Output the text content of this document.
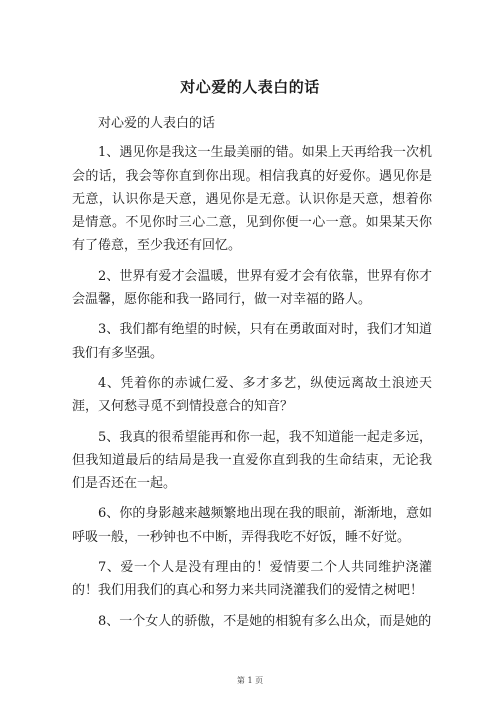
对心爱的人表白的话

对心爱的人表白的话

1、遇见你是我这一生最美丽的错。如果上天再给我一次机会的话，我会等你直到你出现。相信我真的好爱你。遇见你是无意，认识你是天意，遇见你是无意。认识你是天意，想着你是情意。不见你时三心二意，见到你便一心一意。如果某天你有了倦意，至少我还有回忆。

2、世界有爱才会温暖，世界有爱才会有依靠，世界有你才会温馨，愿你能和我一路同行，做一对幸福的路人。

3、我们都有绝望的时候，只有在勇敢面对时，我们才知道我们有多坚强。

4、凭着你的赤诚仁爱、多才多艺，纵使远离故土浪迹天涯，又何愁寻觅不到情投意合的知音？

5、我真的很希望能再和你一起，我不知道能一起走多远，但我知道最后的结局是我一直爱你直到我的生命结束，无论我们是否还在一起。

6、你的身影越来越频繁地出现在我的眼前，渐渐地，意如呼吸一般，一秒钟也不中断，弄得我吃不好饭，睡不好觉。

7、爱一个人是没有理由的！爱情要二个人共同维护浇灌的！我们用我们的真心和努力来共同浇灌我们的爱情之树吧！

8、一个女人的骄傲，不是她的相貌有多么出众，而是她的

第 1 页
